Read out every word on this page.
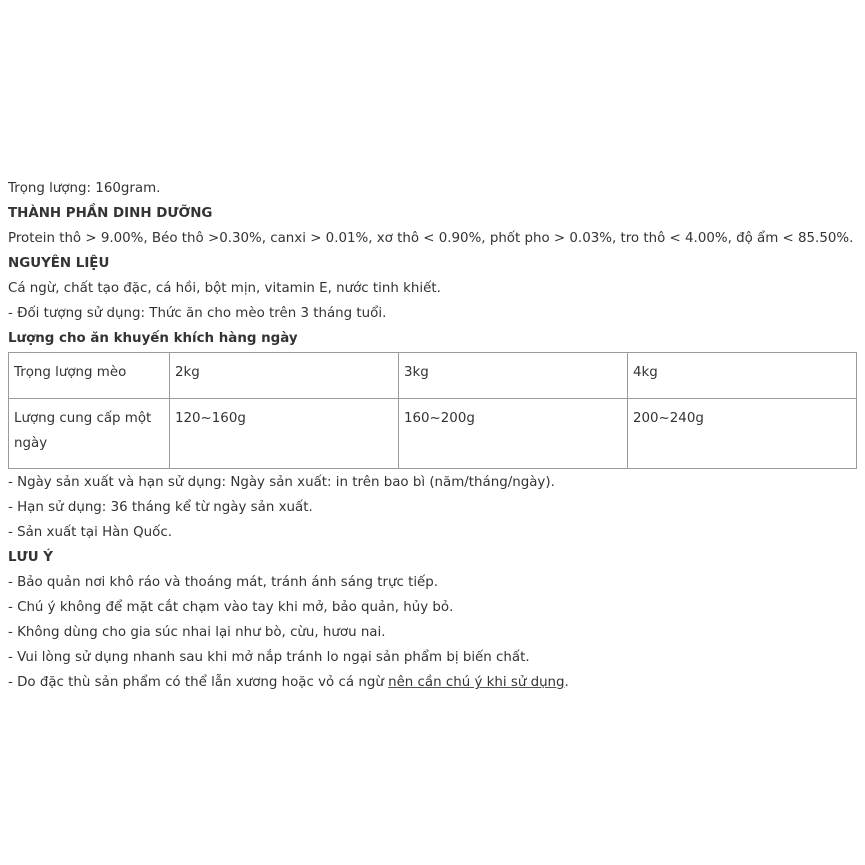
Trọng lượng: 160gram.
THÀNH PHẦN DINH DƯỠNG
Protein thô > 9.00%, Béo thô >0.30%, canxi > 0.01%, xơ thô < 0.90%, phốt pho > 0.03%, tro thô < 4.00%, độ ẩm < 85.50%.
NGUYÊN LIỆU
Cá ngừ, chất tạo đặc, cá hồi, bột mịn, vitamin E, nước tinh khiết.
- Đối tượng sử dụng: Thức ăn cho mèo trên 3 tháng tuổi.
Lượng cho ăn khuyến khích hàng ngày
Trọng lượng mèo	2kg	3kg	4kg
Lượng cung cấp một ngày	120~160g	160~200g	200~240g
- Ngày sản xuất và hạn sử dụng: Ngày sản xuất: in trên bao bì (năm/tháng/ngày).
- Hạn sử dụng: 36 tháng kể từ ngày sản xuất.
- Sản xuất tại Hàn Quốc.
LƯU Ý
- Bảo quản nơi khô ráo và thoáng mát, tránh ánh sáng trực tiếp.
- Chú ý không để mặt cắt chạm vào tay khi mở, bảo quản, hủy bỏ.
- Không dùng cho gia súc nhai lại như bò, cừu, hươu nai.
- Vui lòng sử dụng nhanh sau khi mở nắp tránh lo ngại sản phẩm bị biến chất.
- Do đặc thù sản phẩm có thể lẫn xương hoặc vỏ cá ngừ nên cần chú ý khi sử dụng.
